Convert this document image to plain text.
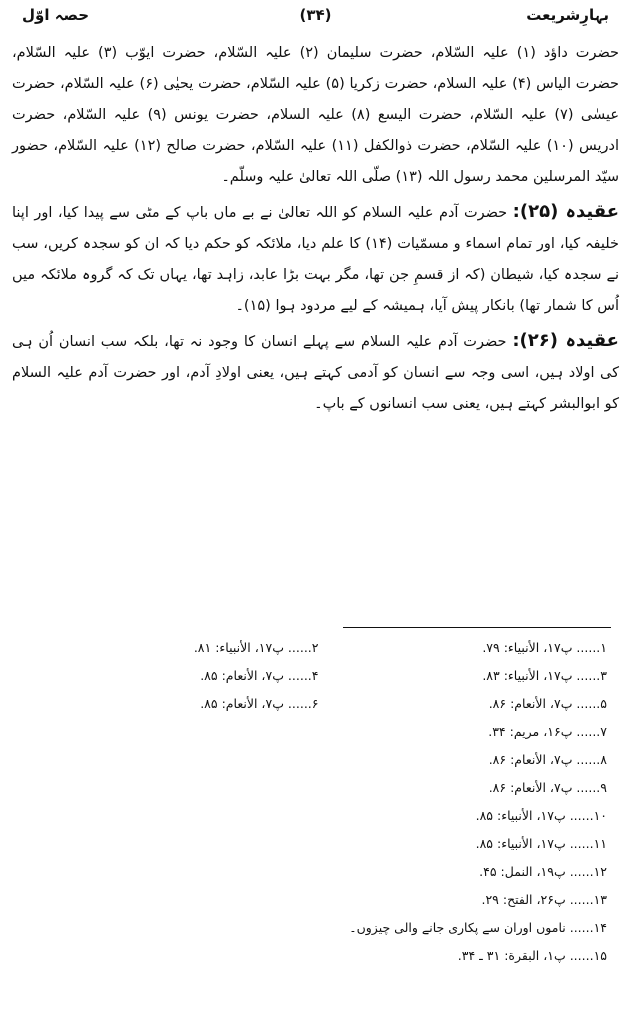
بہارِشریعت
(۳۴)
حصہ اوّل

حضرت داؤد (۱) علیہ السّلام، حضرت سلیمان (۲) علیہ السّلام، حضرت ایوّب (۳) علیہ السّلام، حضرت الیاس (۴) علیہ السلام، حضرت زکریا (۵) علیہ السّلام، حضرت یحیٰی (۶) علیہ السّلام، حضرت عیسٰی (۷) علیہ السّلام، حضرت الیسع (۸) علیہ السلام، حضرت یونس (۹) علیہ السّلام، حضرت ادریس (۱۰) علیہ السّلام، حضرت ذوالکفل (۱۱) علیہ السّلام، حضرت صالح (۱۲) علیہ السّلام، حضور سیّد المرسلین محمد رسول اللہ (۱۳) صلّی اللہ تعالیٰ علیہ وسلّم۔

عقیدہ (۲۵): حضرت آدم علیہ السلام کو اللہ تعالیٰ نے بے ماں باپ کے مٹی سے پیدا کیا، اور اپنا خلیفہ کیا، اور تمام اسماء و مسمّیات (۱۴) کا علم دیا، ملائکہ کو حکم دیا کہ ان کو سجدہ کریں، سب نے سجدہ کیا، شیطان (کہ از قسمِ جن تھا، مگر بہت بڑا عابد، زاہد تھا، یہاں تک کہ گروہ ملائکہ میں اُس کا شمار تھا) بانکار پیش آیا، ہمیشہ کے لیے مردود ہوا (۱۵)۔

عقیدہ (۲۶): حضرت آدم علیہ السلام سے پہلے انسان کا وجود نہ تھا، بلکہ سب انسان اُن ہی کی اولاد ہیں، اسی وجہ سے انسان کو آدمی کہتے ہیں، یعنی اولادِ آدم، اور حضرت آدم علیہ السلام کو ابوالبشر کہتے ہیں، یعنی سب انسانوں کے باپ۔

۱...... پ۱۷، الأنبياء: ۷۹.
۲...... پ۱۷، الأنبياء: ۸۱.
۳...... پ۱۷، الأنبياء: ۸۳.
۴...... پ۷، الأنعام: ۸۵.
۵...... پ۷، الأنعام: ۸۶.
۶...... پ۷، الأنعام: ۸۵.
۷...... پ۱۶، مريم: ۳۴.
۸...... پ۷، الأنعام: ۸۶.
۹...... پ۷، الأنعام: ۸۶.
۱۰...... پ۱۷، الأنبياء: ۸۵.
۱۱...... پ۱۷، الأنبياء: ۸۵.
۱۲...... پ۱۹، النمل: ۴۵.
۱۳...... پ۲۶، الفتح: ۲۹.
۱۴...... ناموں اوران سے پکاری جانے والی چیزوں۔
۱۵...... پ۱، البقرة: ۳۱ ـ ۳۴.
